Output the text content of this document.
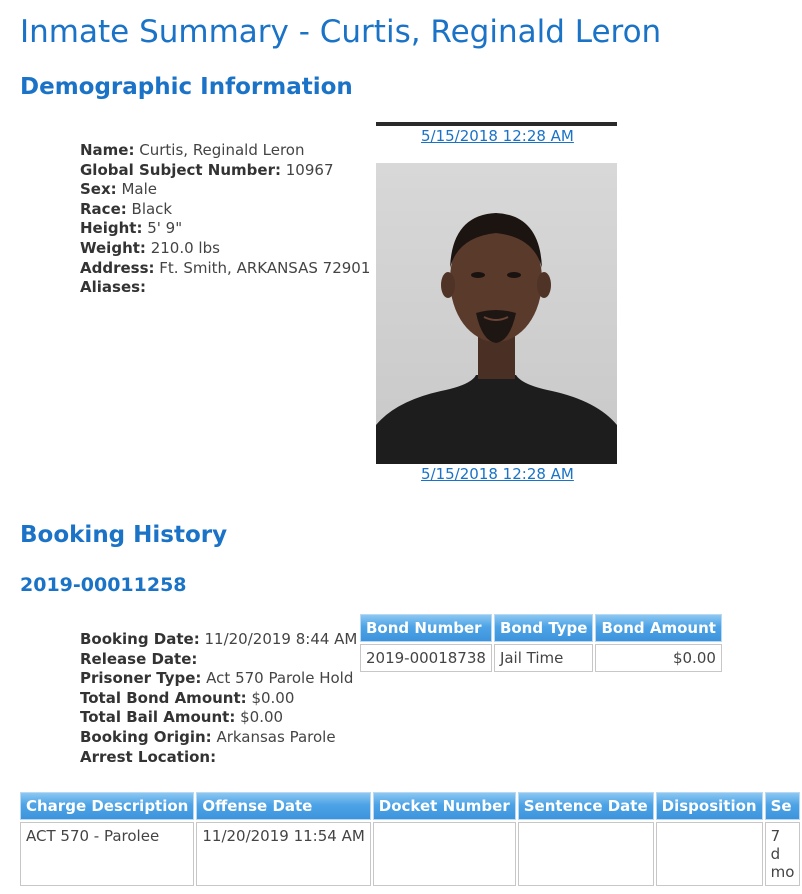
Inmate Summary - Curtis, Reginald Leron
Demographic Information
Name: Curtis, Reginald Leron
Global Subject Number: 10967
Sex: Male
Race: Black
Height: 5' 9"
Weight: 210.0 lbs
Address: Ft. Smith, ARKANSAS 72901
Aliases:
5/15/2018 12:28 AM
5/15/2018 12:28 AM
Booking History
2019-00011258
Booking Date: 11/20/2019 8:44 AM
Release Date:
Prisoner Type: Act 570 Parole Hold
Total Bond Amount: $0.00
Total Bail Amount: $0.00
Booking Origin: Arkansas Parole
Arrest Location:
Bond Number	Bond Type	Bond Amount
2019-00018738	Jail Time	$0.00
Charge Description	Offense Date	Docket Number	Sentence Date	Disposition	Se
ACT 570 - Parolee	11/20/2019 11:54 AM				7 d
mo
